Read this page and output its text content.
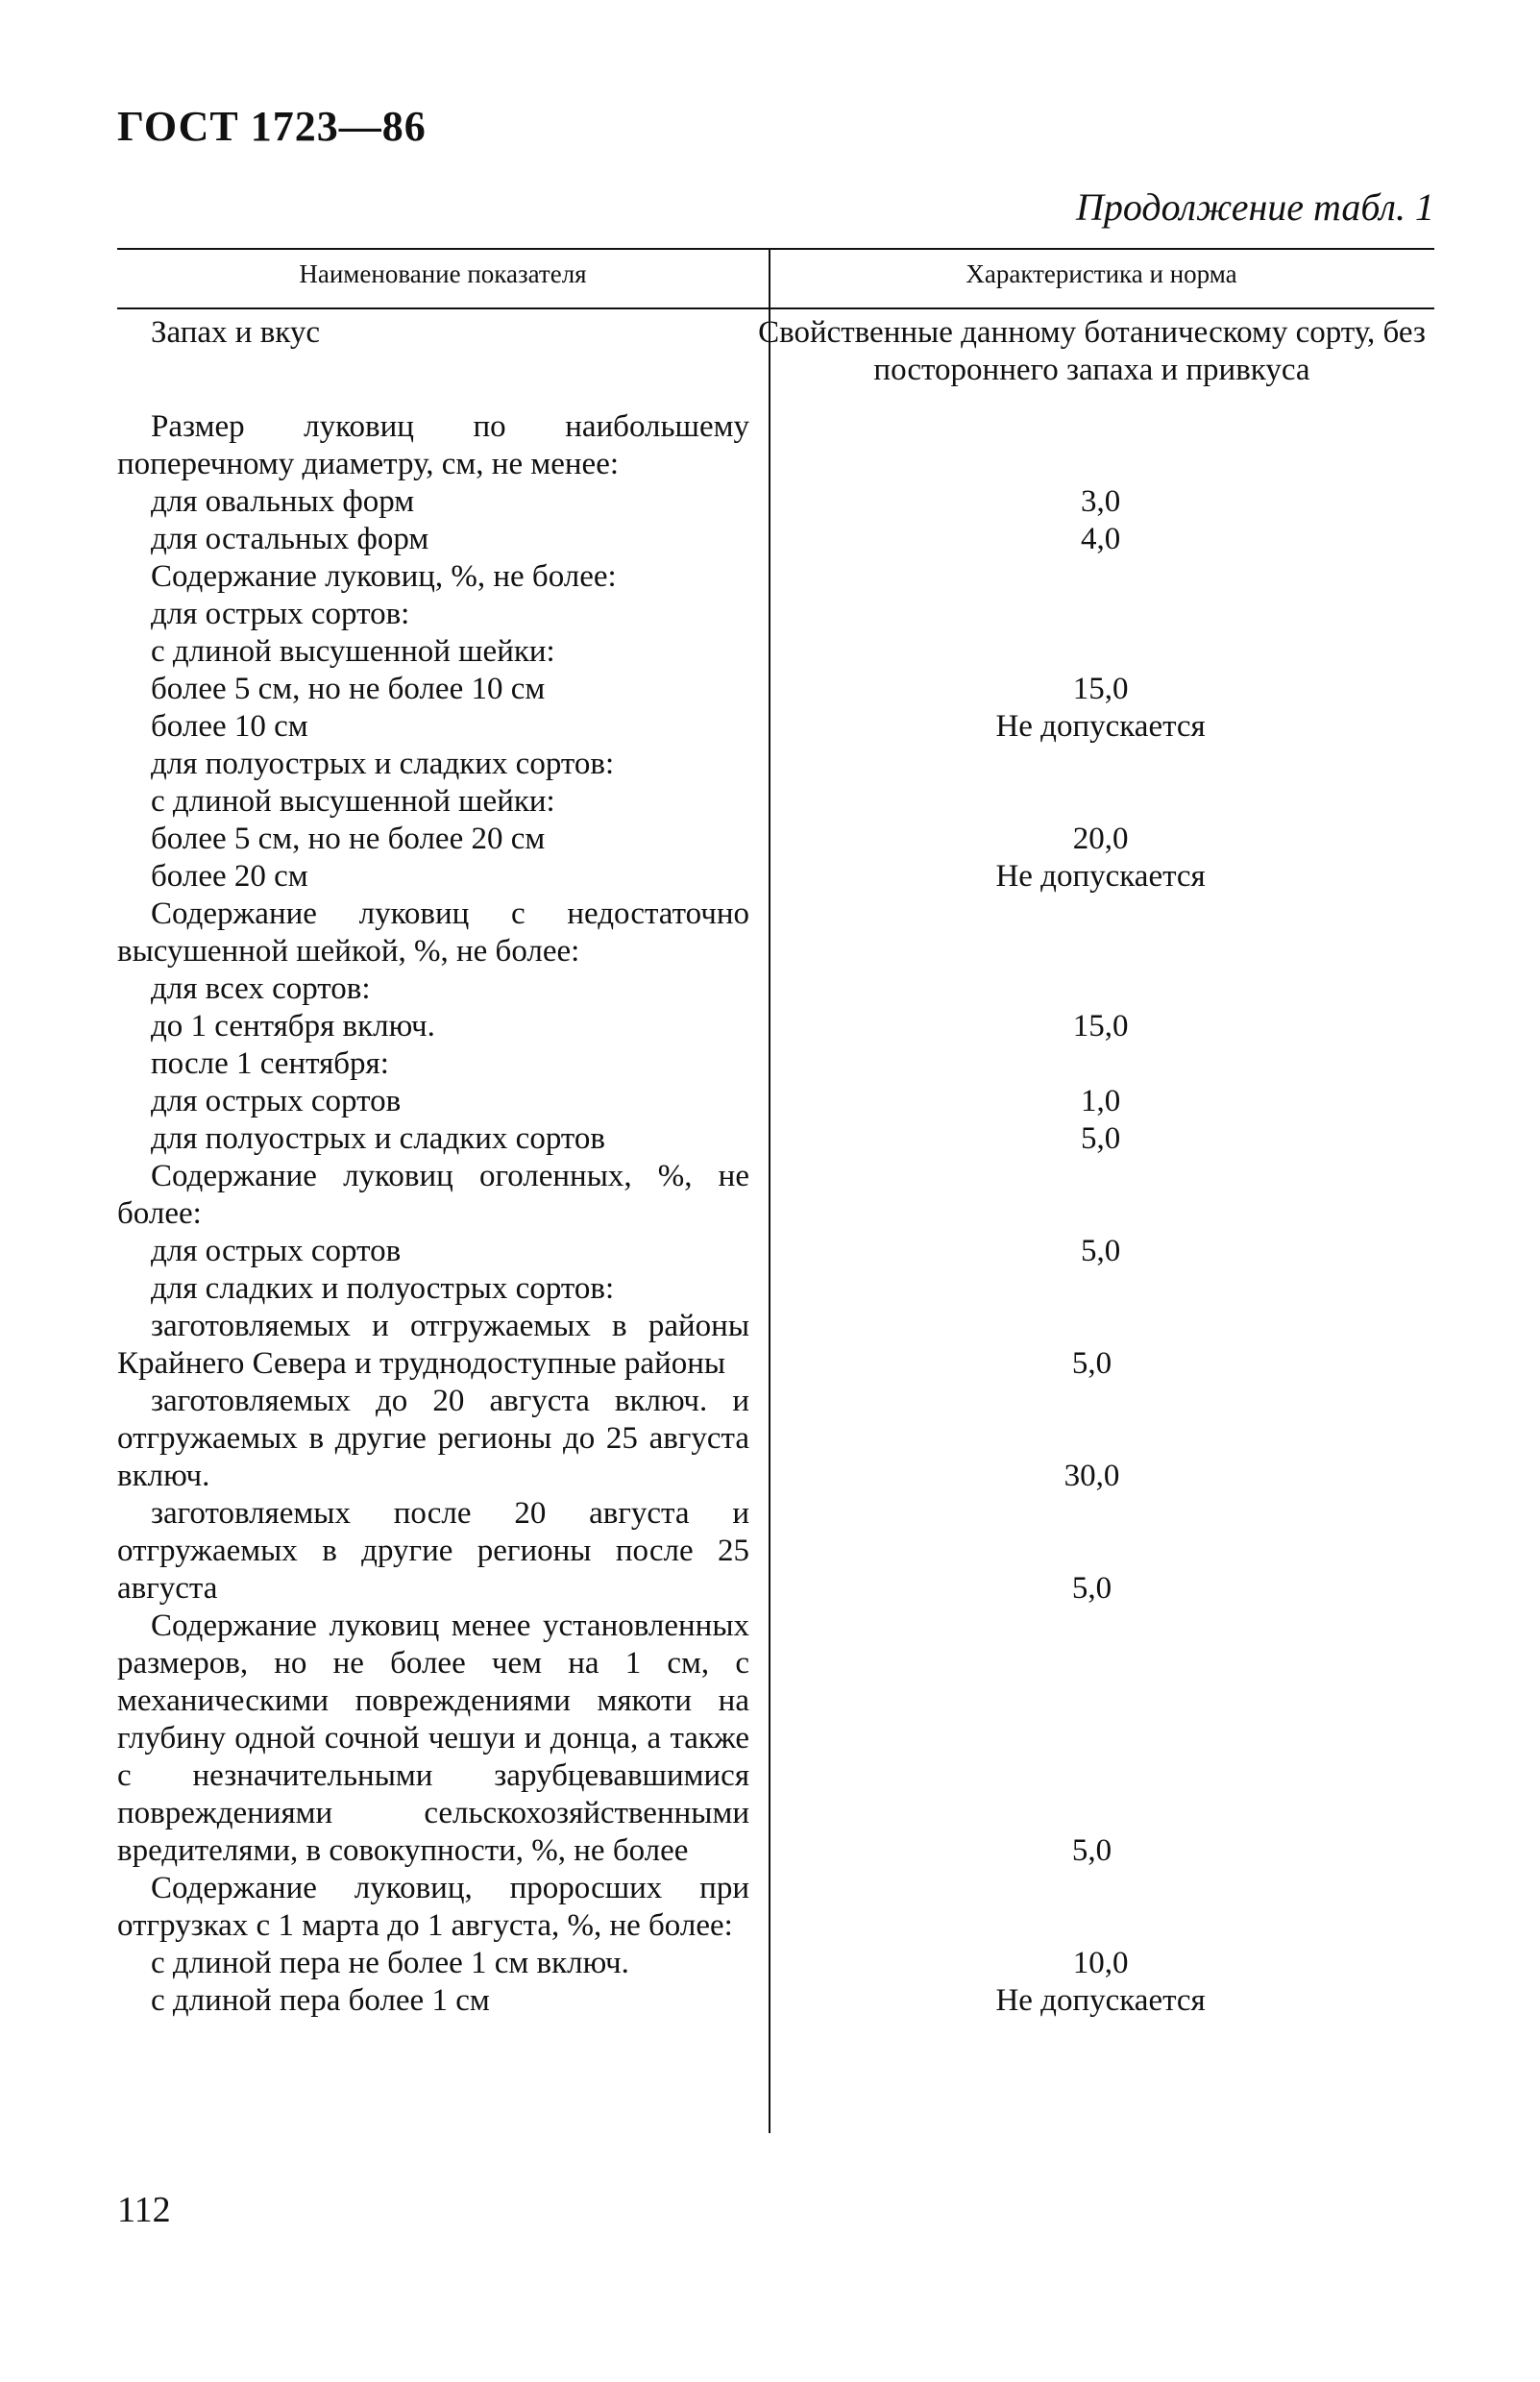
ГОСТ 1723—86
Продолжение табл. 1
Наименование показателя	Характеристика и норма
Запах и вкус	Свойственные данному ботаническому сорту, без постороннего запаха и привкуса
Размер луковиц по наибольшему поперечному диаметру, см, не менее:
для овальных форм	3,0
для остальных форм	4,0
Содержание луковиц, %, не более:
для острых сортов:
с длиной высушенной шейки:
более 5 см, но не более 10 см	15,0
более 10 см	Не допускается
для полуострых и сладких сортов:
с длиной высушенной шейки:
более 5 см, но не более 20 см	20,0
более 20 см	Не допускается
Содержание луковиц с недостаточно высушенной шейкой, %, не более:
для всех сортов:
до 1 сентября включ.	15,0
после 1 сентября:
для острых сортов	1,0
для полуострых и сладких сортов	5,0
Содержание луковиц оголенных, %, не более:
для острых сортов	5,0
для сладких и полуострых сортов:
заготовляемых и отгружаемых в районы Крайнего Севера и труднодоступные районы	5,0
заготовляемых до 20 августа включ. и отгружаемых в другие регионы до 25 августа включ.	30,0
заготовляемых после 20 августа и отгружаемых в другие регионы после 25 августа	5,0
Содержание луковиц менее установленных размеров, но не более чем на 1 см, с механическими повреждениями мякоти на глубину одной сочной чешуи и донца, а также с незначительными зарубцевавшимися повреждениями сельскохозяйственными вредителями, в совокупности, %, не более	5,0
Содержание луковиц, проросших при отгрузках с 1 марта до 1 августа, %, не более:
с длиной пера не более 1 см включ.	10,0
с длиной пера более 1 см	Не допускается
112
